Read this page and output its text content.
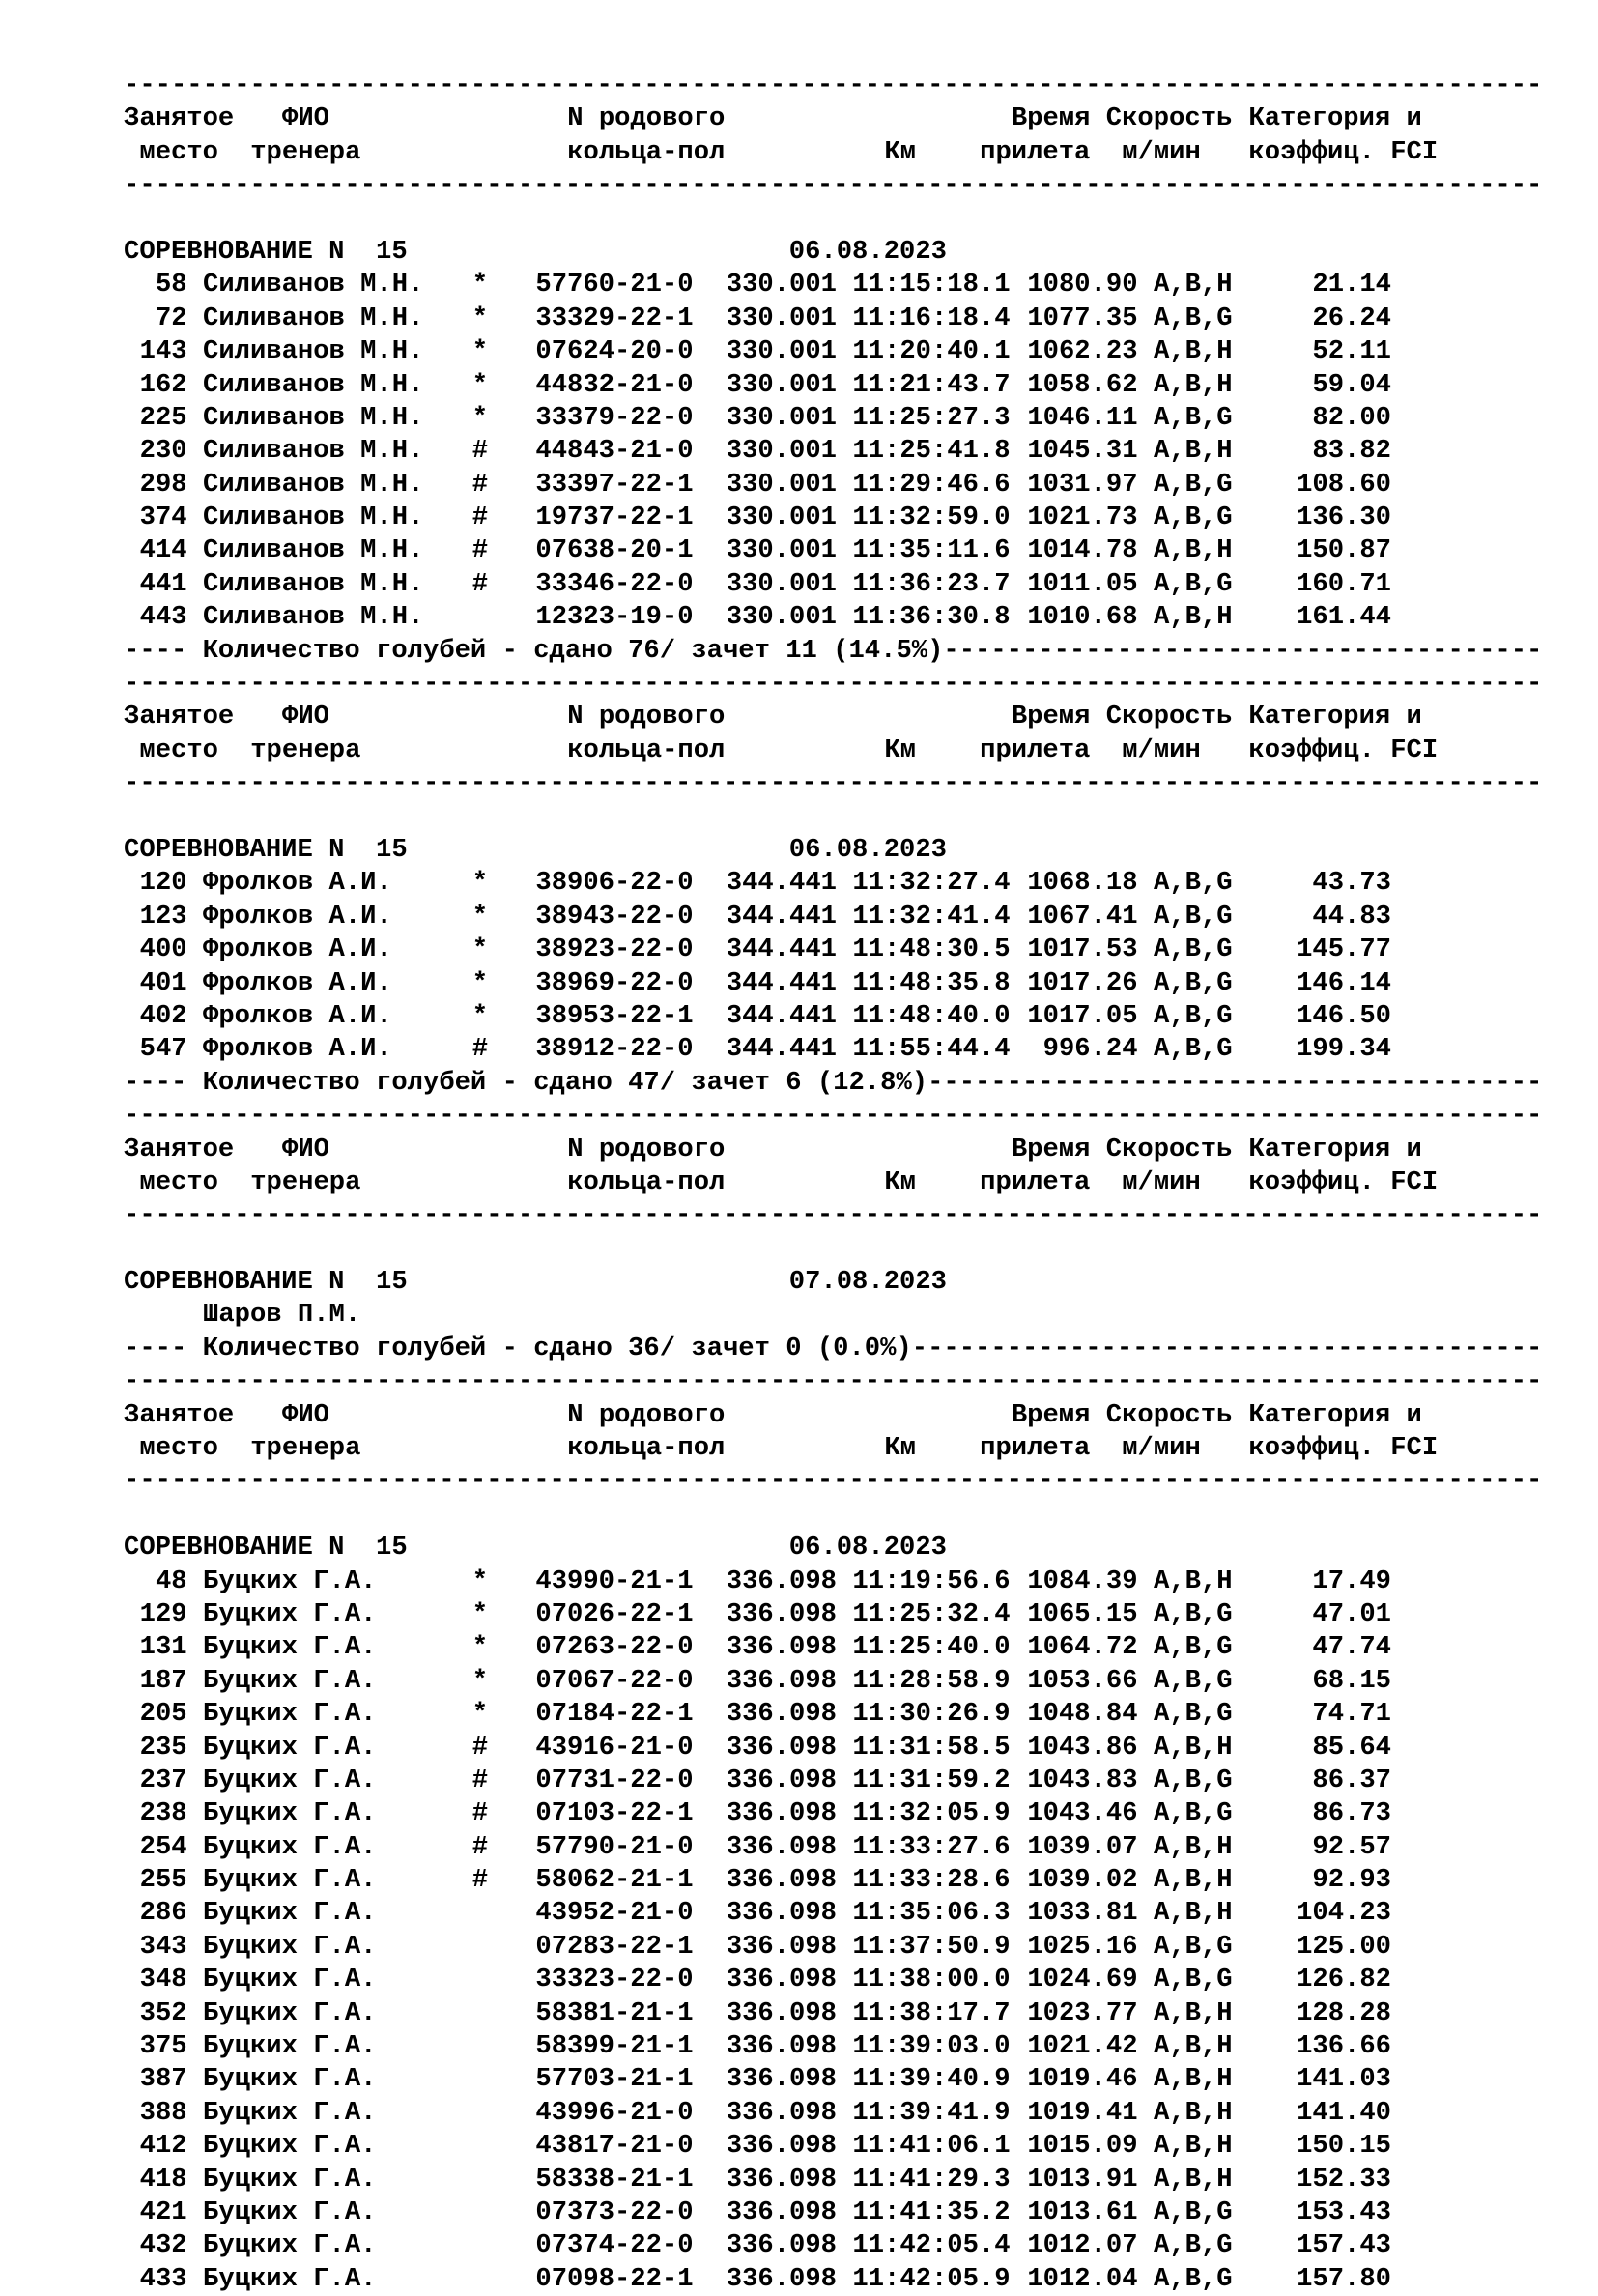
------------------------------------------------------------------------------------------
Занятое	ФИО	N родового	Время Скорость Категория и
место	тренера	кольца-пол	Км	прилета м/мин	коэффиц. FCI
------------------------------------------------------------------------------------------
СОРЕВНОВАНИЕ N  15	06.08.2023
58 Силиванов М.Н.	* 57760-21-0	330.001 11:15:18.1 1080.90 A,B,H	21.14
72 Силиванов М.Н.	* 33329-22-1	330.001 11:16:18.4 1077.35 A,B,G	26.24
143 Силиванов М.Н.	* 07624-20-0	330.001 11:20:40.1 1062.23 A,B,H	52.11
162 Силиванов М.Н.	* 44832-21-0	330.001 11:21:43.7 1058.62 A,B,H	59.04
225 Силиванов М.Н.	* 33379-22-0	330.001 11:25:27.3 1046.11 A,B,G	82.00
230 Силиванов М.Н.	# 44843-21-0	330.001 11:25:41.8 1045.31 A,B,H	83.82
298 Силиванов М.Н.	# 33397-22-1	330.001 11:29:46.6 1031.97 A,B,G	108.60
374 Силиванов М.Н.	# 19737-22-1	330.001 11:32:59.0 1021.73 A,B,G	136.30
414 Силиванов М.Н.	# 07638-20-1	330.001 11:35:11.6 1014.78 A,B,H	150.87
441 Силиванов М.Н.	# 33346-22-0	330.001 11:36:23.7 1011.05 A,B,G	160.71
443 Силиванов М.Н.	12323-19-0	330.001 11:36:30.8 1010.68 A,B,H	161.44
---- Количество голубей - сдано 76/ зачет 11 (14.5%)--------------------------------------
------------------------------------------------------------------------------------------
Занятое	ФИО	N родового	Время Скорость Категория и
место	тренера	кольца-пол	Км	прилета м/мин	коэффиц. FCI
------------------------------------------------------------------------------------------
СОРЕВНОВАНИЕ N  15	06.08.2023
120 Фролков А.И.	* 38906-22-0	344.441 11:32:27.4 1068.18 A,B,G	43.73
123 Фролков А.И.	* 38943-22-0	344.441 11:32:41.4 1067.41 A,B,G	44.83
400 Фролков А.И.	* 38923-22-0	344.441 11:48:30.5 1017.53 A,B,G	145.77
401 Фролков А.И.	* 38969-22-0	344.441 11:48:35.8 1017.26 A,B,G	146.14
402 Фролков А.И.	* 38953-22-1	344.441 11:48:40.0 1017.05 A,B,G	146.50
547 Фролков А.И.	# 38912-22-0	344.441 11:55:44.4	996.24 A,B,G	199.34
---- Количество голубей - сдано 47/ зачет 6 (12.8%)---------------------------------------
------------------------------------------------------------------------------------------
Занятое	ФИО	N родового	Время Скорость Категория и
место	тренера	кольца-пол	Км	прилета м/мин	коэффиц. FCI
------------------------------------------------------------------------------------------
СОРЕВНОВАНИЕ N  15	07.08.2023
Шаров П.М.
---- Количество голубей - сдано 36/ зачет 0 (0.0%)----------------------------------------
------------------------------------------------------------------------------------------
Занятое	ФИО	N родового	Время Скорость Категория и
место	тренера	кольца-пол	Км	прилета м/мин	коэффиц. FCI
------------------------------------------------------------------------------------------
СОРЕВНОВАНИЕ N  15	06.08.2023
48 Буцких Г.А.	* 43990-21-1	336.098 11:19:56.6 1084.39 A,B,H	17.49
129 Буцких Г.А.	* 07026-22-1	336.098 11:25:32.4 1065.15 A,B,G	47.01
131 Буцких Г.А.	* 07263-22-0	336.098 11:25:40.0 1064.72 A,B,G	47.74
187 Буцких Г.А.	* 07067-22-0	336.098 11:28:58.9 1053.66 A,B,G	68.15
205 Буцких Г.А.	* 07184-22-1	336.098 11:30:26.9 1048.84 A,B,G	74.71
235 Буцких Г.А.	# 43916-21-0	336.098 11:31:58.5 1043.86 A,B,H	85.64
237 Буцких Г.А.	# 07731-22-0	336.098 11:31:59.2 1043.83 A,B,G	86.37
238 Буцких Г.А.	# 07103-22-1	336.098 11:32:05.9 1043.46 A,B,G	86.73
254 Буцких Г.А.	# 57790-21-0	336.098 11:33:27.6 1039.07 A,B,H	92.57
255 Буцких Г.А.	# 58062-21-1	336.098 11:33:28.6 1039.02 A,B,H	92.93
286 Буцких Г.А.	43952-21-0	336.098 11:35:06.3 1033.81 A,B,H	104.23
343 Буцких Г.А.	07283-22-1	336.098 11:37:50.9 1025.16 A,B,G	125.00
348 Буцких Г.А.	33323-22-0	336.098 11:38:00.0 1024.69 A,B,G	126.82
352 Буцких Г.А.	58381-21-1	336.098 11:38:17.7 1023.77 A,B,H	128.28
375 Буцких Г.А.	58399-21-1	336.098 11:39:03.0 1021.42 A,B,H	136.66
387 Буцких Г.А.	57703-21-1	336.098 11:39:40.9 1019.46 A,B,H	141.03
388 Буцких Г.А.	43996-21-0	336.098 11:39:41.9 1019.41 A,B,H	141.40
412 Буцких Г.А.	43817-21-0	336.098 11:41:06.1 1015.09 A,B,H	150.15
418 Буцких Г.А.	58338-21-1	336.098 11:41:29.3 1013.91 A,B,H	152.33
421 Буцких Г.А.	07373-22-0	336.098 11:41:35.2 1013.61 A,B,G	153.43
432 Буцких Г.А.	07374-22-0	336.098 11:42:05.4 1012.07 A,B,G	157.43
433 Буцких Г.А.	07098-22-1	336.098 11:42:05.9 1012.04 A,B,G	157.80
